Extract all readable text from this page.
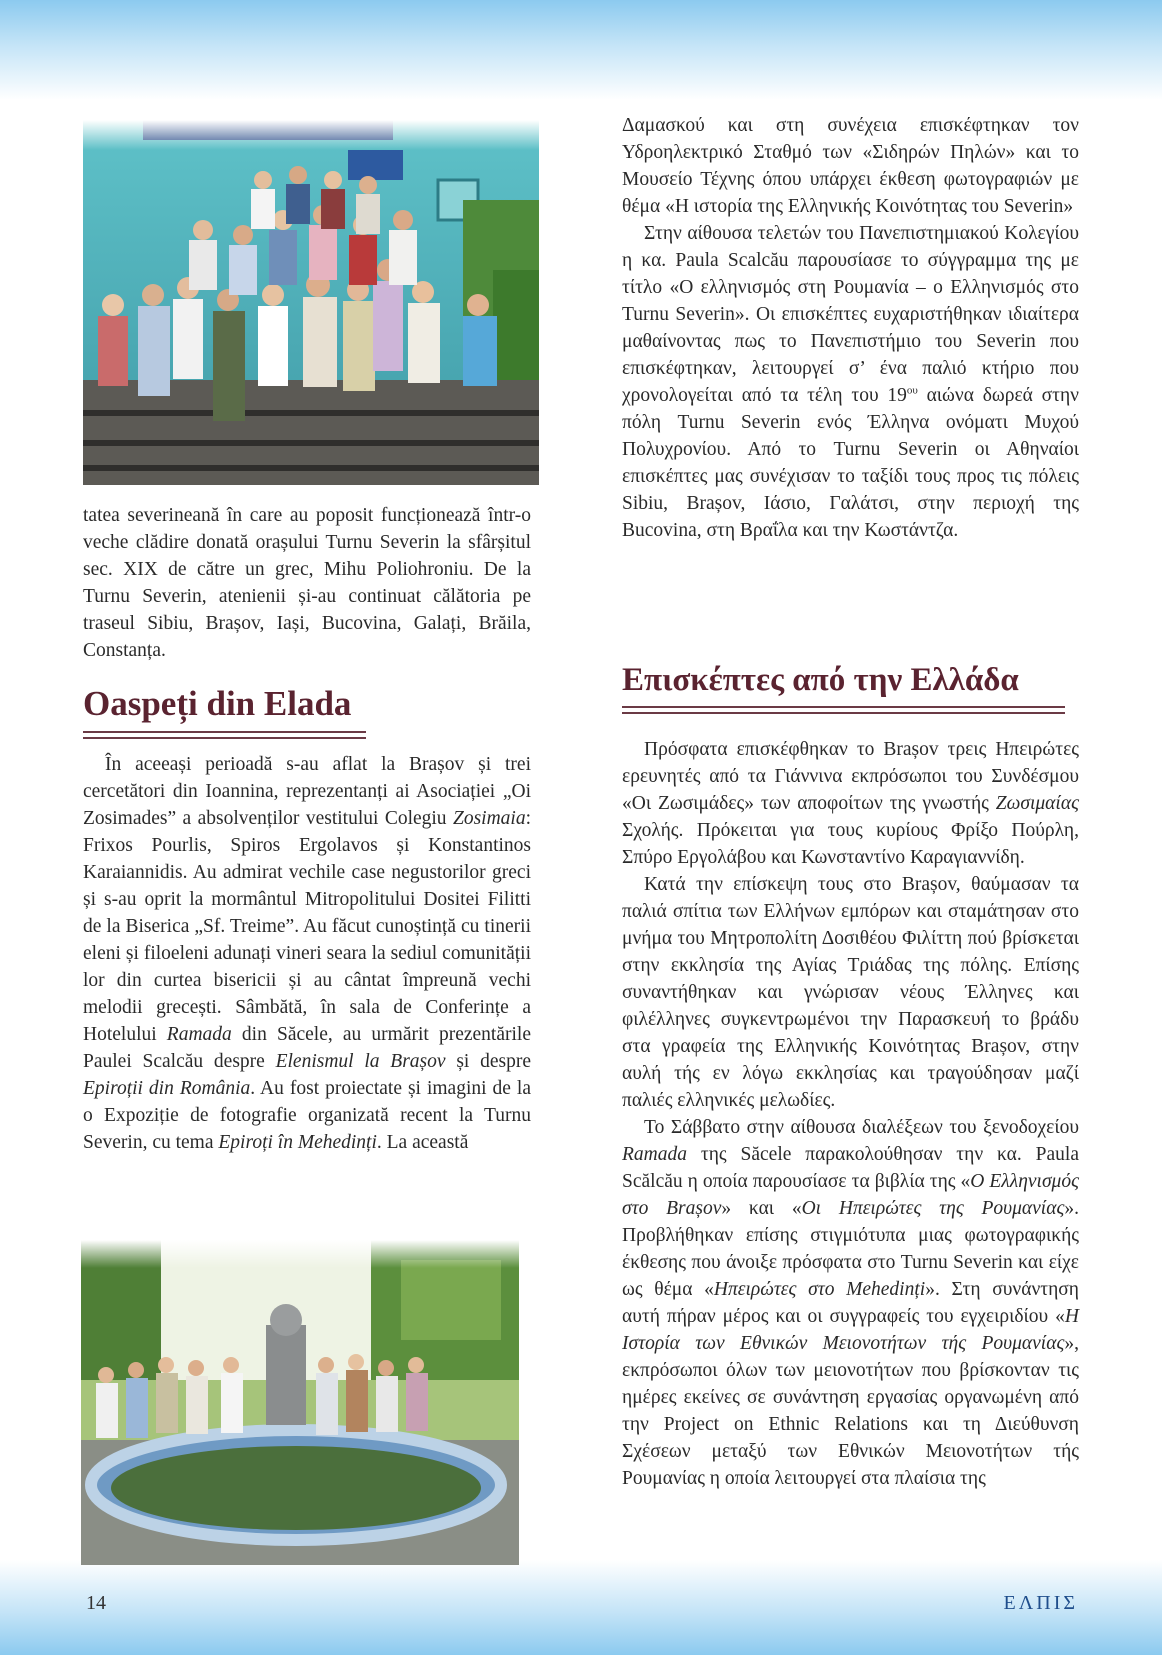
tatea severineană în care au poposit funcționează într-o veche clădire donată orașului Turnu Severin la sfârșitul sec. XIX de către un grec, Mihu Poliohroniu. De la Turnu Severin, atenienii și-au continuat călătoria pe traseul Sibiu, Brașov, Iași, Bucovina, Galați, Brăila, Constanța.

Oaspeți din Elada

În aceeași perioadă s-au aflat la Brașov și trei cercetători din Ioannina, reprezentanți ai Asociației „Oi Zosimades” a absolvenților vestitului Colegiu Zosimaia: Frixos Pourlis, Spiros Ergolavos și Konstantinos Karaiannidis. Au admirat vechile case negustorilor greci și s-au oprit la mormântul Mitropolitului Dositei Filitti de la Biserica „Sf. Treime”. Au făcut cunoștință cu tinerii eleni și filoeleni adunați vineri seara la sediul comunității lor din curtea bisericii și au cântat împreună vechi melodii grecești. Sâmbătă, în sala de Conferințe a Hotelului Ramada din Săcele, au urmărit prezentările Paulei Scalcău despre Elenismul la Brașov și despre Epiroții din România. Au fost proiectate și imagini de la o Expoziție de fotografie organizată recent la Turnu Severin, cu tema Epiroți în Mehedinți. La această

Δαμασκού και στη συνέχεια επισκέφτηκαν τον Υδροηλεκτρικό Σταθμό των «Σιδηρών Πηλών» και το Μουσείο Τέχνης όπου υπάρχει έκθεση φωτογραφιών με θέμα «Η ιστορία της Ελληνικής Κοινότητας του Severin»

Στην αίθουσα τελετών του Πανεπιστημιακού Κολεγίου η κα. Paula Scalcău παρουσίασε το σύγγραμμα της με τίτλο «Ο ελληνισμός στη Ρουμανία – ο Ελληνισμός στο Turnu Severin». Οι επισκέπτες ευχαριστήθηκαν ιδιαίτερα μαθαίνοντας πως το Πανεπιστήμιο του Severin που επισκέφτηκαν, λειτουργεί σ’ ένα παλιό κτήριο που χρονολογείται από τα τέλη του $19^{o\upsilon}$ αιώνα δωρεά στην πόλη Turnu Severin ενός Έλληνα ονόματι Μυχού Πολυχρονίου. Από το Turnu Severin οι Αθηναίοι επισκέπτες μας συνέχισαν το ταξίδι τους προς τις πόλεις Sibiu, Brașov, Ιάσιο, Γαλάτσι, στην περιοχή της Bucovina, στη Βραΐλα και την Κωστάντζα.

Επισκέπτες από την Ελλάδα

Πρόσφατα επισκέφθηκαν το Brașov τρεις Ηπειρώτες ερευνητές από τα Γιάννινα εκπρόσωποι του Συνδέσμου «Οι Ζωσιμάδες» των αποφοίτων της γνωστής Ζωσιμαίας Σχολής. Πρόκειται για τους κυρίους Φρίξο Πούρλη, Σπύρο Εργολάβου και Κωνσταντίνο Καραγιαννίδη.

Κατά την επίσκεψη τους στο Brașov, θαύμασαν τα παλιά σπίτια των Ελλήνων εμπόρων και σταμάτησαν στο μνήμα του Μητροπολίτη Δοσιθέου Φιλίττη πού βρίσκεται στην εκκλησία της Αγίας Τριάδας της πόλης. Επίσης συναντήθηκαν και γνώρισαν νέους Έλληνες και φιλέλληνες συγκεντρωμένοι την Παρασκευή το βράδυ στα γραφεία της Ελληνικής Κοινότητας Brașov, στην αυλή τής εν λόγω εκκλησίας και τραγούδησαν μαζί παλιές ελληνικές μελωδίες.

Το Σάββατο στην αίθουσα διαλέξεων του ξενοδοχείου Ramada της Săcele παρακολούθησαν την κα. Paula Scălcău η οποία παρουσίασε τα βιβλία της «Ο Ελληνισμός στο Brașov» και «Οι Ηπειρώτες της Ρουμανίας». Προβλήθηκαν επίσης στιγμιότυπα μιας φωτογραφικής έκθεσης που άνοιξε πρόσφατα στο Turnu Severin και είχε ως θέμα «Ηπειρώτες στο Mehedinți». Στη συνάντηση αυτή πήραν μέρος και οι συγγραφείς του εγχειριδίου «Η Ιστορία των Εθνικών Μειονοτήτων τής Ρουμανίας», εκπρόσωποι όλων των μειονοτήτων που βρίσκονταν τις ημέρες εκείνες σε συνάντηση εργασίας οργανωμένη από την Project on Ethnic Relations και τη Διεύθυνση Σχέσεων μεταξύ των Εθνικών Μειονοτήτων τής Ρουμανίας η οποία λειτουργεί στα πλαίσια της

14	ΕΛΠΙΣ
